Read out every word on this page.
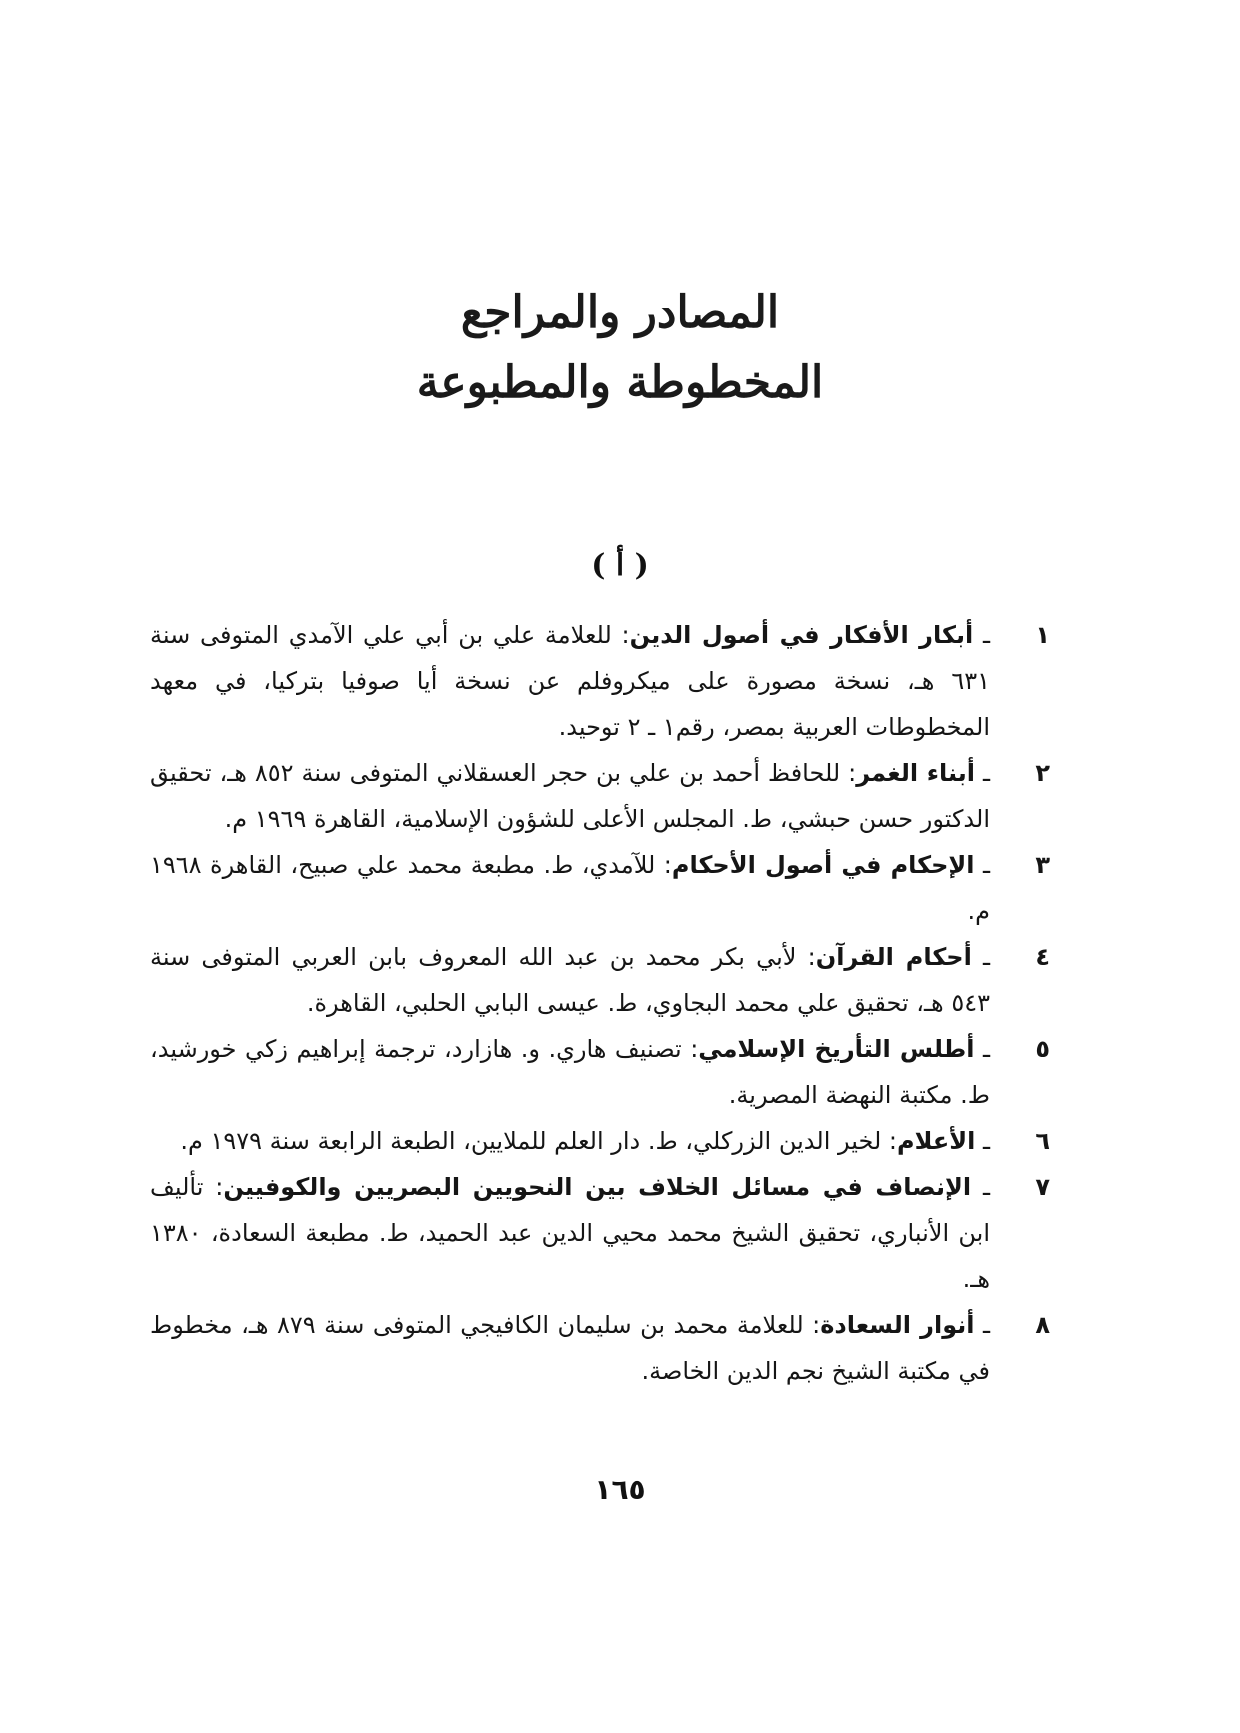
المصادر والمراجع
المخطوطة والمطبوعة
( أ )
١
ـ أبكار الأفكار في أصول الدين: للعلامة علي بن أبي علي الآمدي المتوفى سنة ٦٣١ هـ، نسخة مصورة على ميكروفلم عن نسخة أيا صوفيا بتركيا، في معهد المخطوطات العربية بمصر، رقم١ ـ ٢ توحيد.
٢
ـ أبناء الغمر: للحافظ أحمد بن علي بن حجر العسقلاني المتوفى سنة ٨٥٢ هـ، تحقيق الدكتور حسن حبشي، ط. المجلس الأعلى للشؤون الإسلامية، القاهرة ١٩٦٩ م.
٣
ـ الإحكام في أصول الأحكام: للآمدي، ط. مطبعة محمد علي صبيح، القاهرة ١٩٦٨ م.
٤
ـ أحكام القرآن: لأبي بكر محمد بن عبد الله المعروف بابن العربي المتوفى سنة ٥٤٣ هـ، تحقيق علي محمد البجاوي، ط. عيسى البابي الحلبي، القاهرة.
٥
ـ أطلس التأريخ الإسلامي: تصنيف هاري. و. هازارد، ترجمة إبراهيم زكي خورشيد، ط. مكتبة النهضة المصرية.
٦
ـ الأعلام: لخير الدين الزركلي، ط. دار العلم للملايين، الطبعة الرابعة سنة ١٩٧٩ م.
٧
ـ الإنصاف في مسائل الخلاف بين النحويين البصريين والكوفيين: تأليف ابن الأنباري، تحقيق الشيخ محمد محيي الدين عبد الحميد، ط. مطبعة السعادة، ١٣٨٠ هـ.
٨
ـ أنوار السعادة: للعلامة محمد بن سليمان الكافيجي المتوفى سنة ٨٧٩ هـ، مخطوط في مكتبة الشيخ نجم الدين الخاصة.
١٦٥
